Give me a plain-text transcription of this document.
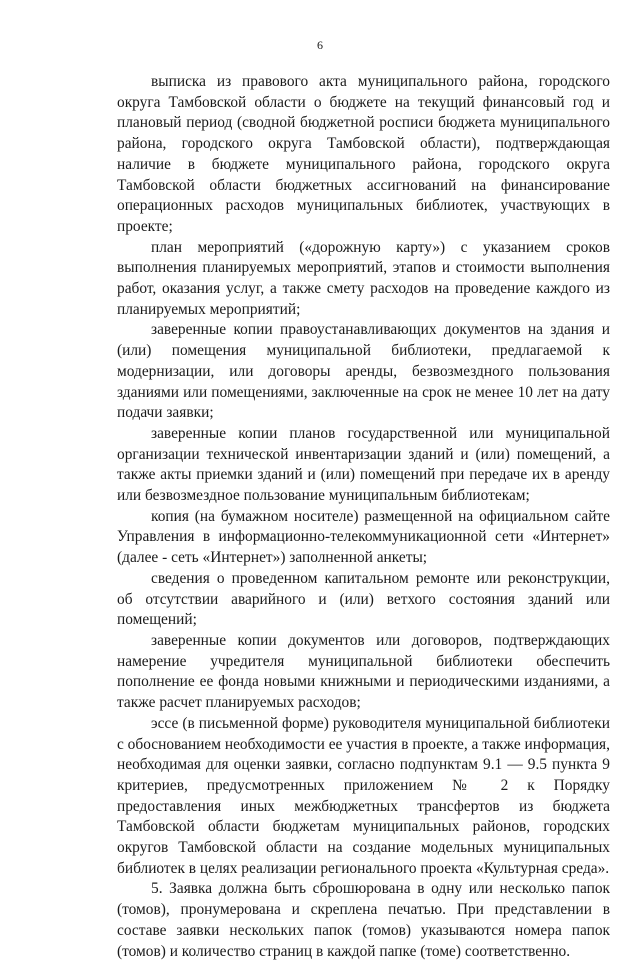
6

выписка из правового акта муниципального района, городского округа Тамбовской области о бюджете на текущий финансовый год и плановый период (сводной бюджетной росписи бюджета муниципального района, городского округа Тамбовской области), подтверждающая наличие в бюджете муниципального района, городского округа Тамбовской области бюджетных ассигнований на финансирование операционных расходов муниципальных библиотек, участвующих в проекте;

план мероприятий («дорожную карту») с указанием сроков выполнения планируемых мероприятий, этапов и стоимости выполнения работ, оказания услуг, а также смету расходов на проведение каждого из планируемых мероприятий;

заверенные копии правоустанавливающих документов на здания и (или) помещения муниципальной библиотеки, предлагаемой к модернизации, или договоры аренды, безвозмездного пользования зданиями или помещениями, заключенные на срок не менее 10 лет на дату подачи заявки;

заверенные копии планов государственной или муниципальной организации технической инвентаризации зданий и (или) помещений, а также акты приемки зданий и (или) помещений при передаче их в аренду или безвозмездное пользование муниципальным библиотекам;

копия (на бумажном носителе) размещенной на официальном сайте Управления в информационно-телекоммуникационной сети «Интернет» (далее - сеть «Интернет») заполненной анкеты;

сведения о проведенном капитальном ремонте или реконструкции, об отсутствии аварийного и (или) ветхого состояния зданий или помещений;

заверенные копии документов или договоров, подтверждающих намерение учредителя муниципальной библиотеки обеспечить пополнение ее фонда новыми книжными и периодическими изданиями, а также расчет планируемых расходов;

эссе (в письменной форме) руководителя муниципальной библиотеки с обоснованием необходимости ее участия в проекте, а также информация, необходимая для оценки заявки, согласно подпунктам 9.1 — 9.5 пункта 9 критериев, предусмотренных приложением № 2 к Порядку предоставления иных межбюджетных трансфертов из бюджета Тамбовской области бюджетам муниципальных районов, городских округов Тамбовской области на создание модельных муниципальных библиотек в целях реализации регионального проекта «Культурная среда».

5. Заявка должна быть сброшюрована в одну или несколько папок (томов), пронумерована и скреплена печатью. При представлении в составе заявки нескольких папок (томов) указываются номера папок (томов) и количество страниц в каждой папке (томе) соответственно.
